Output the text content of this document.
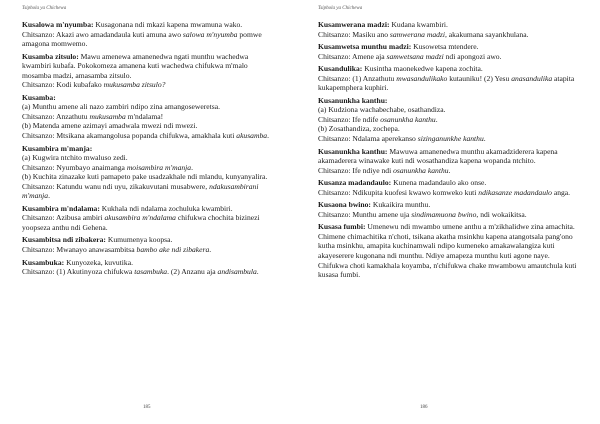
Tsiphola ya Chichewa

Kusalowa m'nyumba: Kusagonana ndi mkazi kapena mwamuna wako.

Chitsanzo: Akazi awo amadandaula kuti amuna awo salowa m'nyumba pomwe amagona momwemo.

Kusamba zitsulo: Mawu amenewa amanenedwa ngati munthu wachedwa kwambiri kubafa. Pokokomeza amanena kuti wachedwa chifukwa m'malo mosamba madzi, amasamba zitsulo.

Chitsanzo: Kodi kubafako mukusamba zitsulo?

Kusamba:

(a) Munthu amene ali nazo zambiri ndipo zina amangoseweretsa.

Chitsanzo: Anzathutu mukusamba m'ndalama!

(b) Matenda amene azimayi amadwala mwezi ndi mwezi.

Chitsanzo: Mtsikana akamangolusa popanda chifukwa, amakhala kuti akusamba.

Kusambira m'manja:

(a) Kugwira ntchito mwaluso zedi.

Chitsanzo: Nyumbayo anaimanga moisambira m'manja.

(b) Kuchita zinazake kuti pamapeto pake usadzakhale ndi mlandu, kunyanyalira.

Chitsanzo: Katundu wanu ndi uyu, zikakuvutani musabwere, ndakusambirani m'manja.

Kusambira m'ndalama: Kukhala ndi ndalama zochuluka kwambiri.

Chitsanzo: Azibusa ambiri akusambira m'ndalama chifukwa chochita bizinezi yoopseza anthu ndi Gehena.

Kusambitsa ndi zibakera: Kumumenya koopsa.

Chitsanzo: Mwanayo anawasambitsa bambo ake ndi zibakera.

Kusambuka: Kunyozeka, kuvutika.

Chitsanzo: (1) Akutinyoza chifukwa tasambuka. (2) Anzanu aja andisambula.

185
Tsiphola ya Chichewa

Kusamwerana madzi: Kudana kwambiri.

Chitsanzo: Masiku ano samwerana madzi, akakumana sayankhulana.

Kusamwetsa munthu madzi: Kusowetsa mtendere.

Chitsanzo: Amene aja samwetsana madzi ndi apongozi awo.

Kusandulika: Kusintha maonekedwe kapena zochita.

Chitsanzo: (1) Anzathutu mwasandulikako kutauniku! (2) Yesu anasandulika atapita kukapemphera kuphiri.

Kusanunkha kanthu:

(a) Kudziona wachabechabe, osathandiza.

Chitsanzo: Ife ndife osanunkha kanthu.

(b) Zosathandiza, zochepa.

Chitsanzo: Ndalama aperekanso sizinganunkhe kanthu.

Kusanunkha kanthu: Mawuwa amanenedwa munthu akamadziderera kapena akamaderera winawake kuti ndi wosathandiza kapena wopanda ntchito.

Chitsanzo: Ife ndiye ndi osanunkha kanthu.

Kusanza madandaulo: Kunena madandaulo ako onse.

Chitsanzo: Ndikupita kuofesi kwawo komweko kuti ndikasanze madandaulo anga.

Kusaona bwino: Kukaikira munthu.

Chitsanzo: Munthu amene uja sindimamuona bwino, ndi wokaikitsa.

Kusasa fumbi: Umenewu ndi mwambo umene anthu a m'zikhalidwe zina amachita. Chimene chimachitika n'choti, tsikana akatha msinkhu kapena atangotsala pang'ono kutha msinkhu, amapita kuchinamwali ndipo kumeneko amakawalangiza kuti akayeserere kugonana ndi munthu. Ndiye amapeza munthu kuti agone naye. Chifukwa choti kamakhala koyamba, n'chifukwa chake mwambowu amautchula kuti kusasa fumbi.

186
